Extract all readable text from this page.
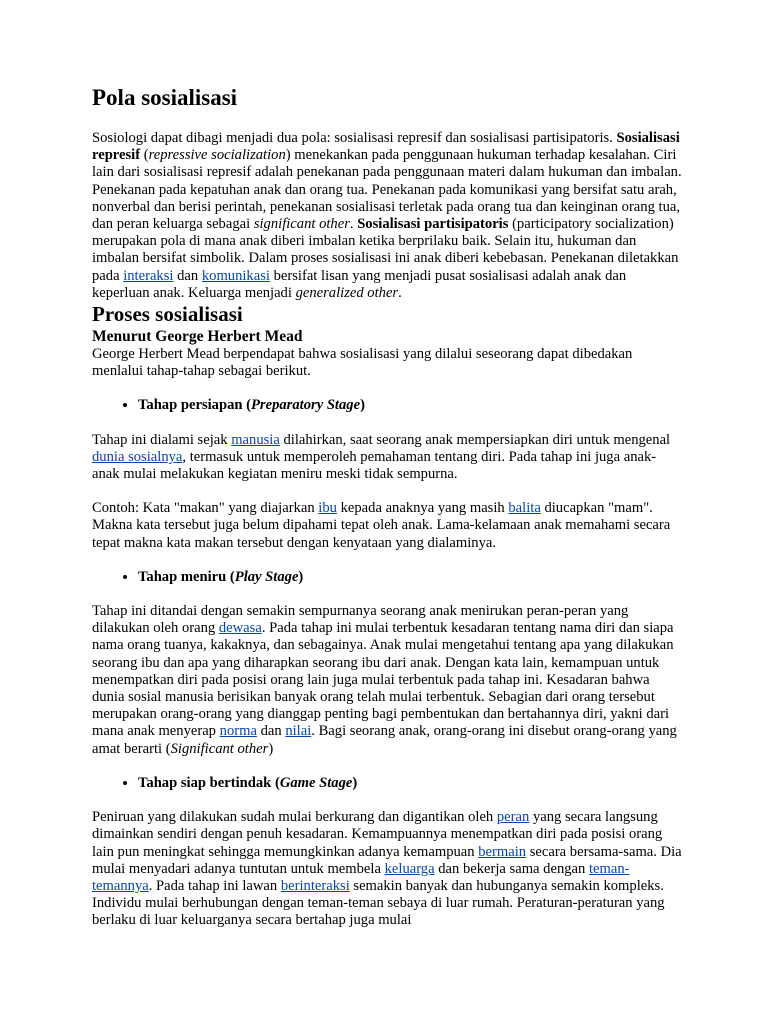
Pola sosialisasi

Sosiologi dapat dibagi menjadi dua pola: sosialisasi represif dan sosialisasi partisipatoris. Sosialisasi represif (repressive socialization) menekankan pada penggunaan hukuman terhadap kesalahan. Ciri lain dari sosialisasi represif adalah penekanan pada penggunaan materi dalam hukuman dan imbalan. Penekanan pada kepatuhan anak dan orang tua. Penekanan pada komunikasi yang bersifat satu arah, nonverbal dan berisi perintah, penekanan sosialisasi terletak pada orang tua dan keinginan orang tua, dan peran keluarga sebagai significant other. Sosialisasi partisipatoris (participatory socialization) merupakan pola di mana anak diberi imbalan ketika berprilaku baik. Selain itu, hukuman dan imbalan bersifat simbolik. Dalam proses sosialisasi ini anak diberi kebebasan. Penekanan diletakkan pada interaksi dan komunikasi bersifat lisan yang menjadi pusat sosialisasi adalah anak dan keperluan anak. Keluarga menjadi generalized other.

Proses sosialisasi
Menurut George Herbert Mead

George Herbert Mead berpendapat bahwa sosialisasi yang dilalui seseorang dapat dibedakan menlalui tahap-tahap sebagai berikut.

• Tahap persiapan (Preparatory Stage)

Tahap ini dialami sejak manusia dilahirkan, saat seorang anak mempersiapkan diri untuk mengenal dunia sosialnya, termasuk untuk memperoleh pemahaman tentang diri. Pada tahap ini juga anak-anak mulai melakukan kegiatan meniru meski tidak sempurna.

Contoh: Kata "makan" yang diajarkan ibu kepada anaknya yang masih balita diucapkan "mam". Makna kata tersebut juga belum dipahami tepat oleh anak. Lama-kelamaan anak memahami secara tepat makna kata makan tersebut dengan kenyataan yang dialaminya.

• Tahap meniru (Play Stage)

Tahap ini ditandai dengan semakin sempurnanya seorang anak menirukan peran-peran yang dilakukan oleh orang dewasa. Pada tahap ini mulai terbentuk kesadaran tentang nama diri dan siapa nama orang tuanya, kakaknya, dan sebagainya. Anak mulai mengetahui tentang apa yang dilakukan seorang ibu dan apa yang diharapkan seorang ibu dari anak. Dengan kata lain, kemampuan untuk menempatkan diri pada posisi orang lain juga mulai terbentuk pada tahap ini. Kesadaran bahwa dunia sosial manusia berisikan banyak orang telah mulai terbentuk. Sebagian dari orang tersebut merupakan orang-orang yang dianggap penting bagi pembentukan dan bertahannya diri, yakni dari mana anak menyerap norma dan nilai. Bagi seorang anak, orang-orang ini disebut orang-orang yang amat berarti (Significant other)

• Tahap siap bertindak (Game Stage)

Peniruan yang dilakukan sudah mulai berkurang dan digantikan oleh peran yang secara langsung dimainkan sendiri dengan penuh kesadaran. Kemampuannya menempatkan diri pada posisi orang lain pun meningkat sehingga memungkinkan adanya kemampuan bermain secara bersama-sama. Dia mulai menyadari adanya tuntutan untuk membela keluarga dan bekerja sama dengan teman-temannya. Pada tahap ini lawan berinteraksi semakin banyak dan hubunganya semakin kompleks. Individu mulai berhubungan dengan teman-teman sebaya di luar rumah. Peraturan-peraturan yang berlaku di luar keluarganya secara bertahap juga mulai
